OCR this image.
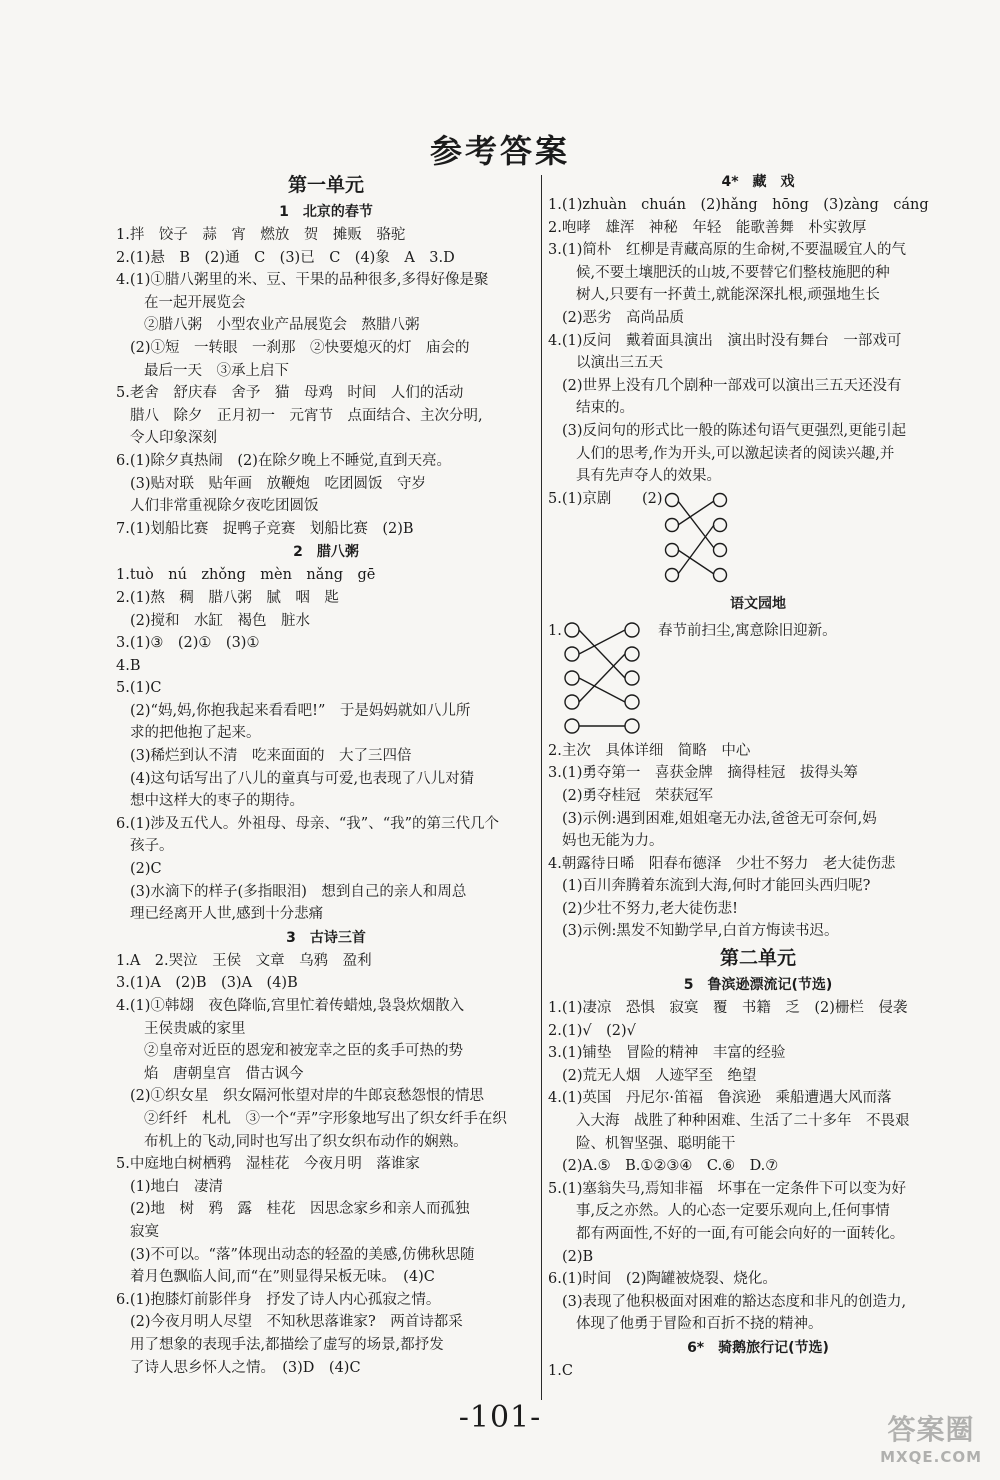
参考答案
第一单元
1　北京的春节

1.拌　饺子　蒜　宵　燃放　贺　摊贩　骆驼

2.(1)悬　B　(2)通　C　(3)已　C　(4)象　A　3.D

4.(1)①腊八粥里的米、豆、干果的品种很多,多得好像是聚

在一起开展览会

②腊八粥　小型农业产品展览会　熬腊八粥

(2)①短　一转眼　一刹那　②快要熄灭的灯　庙会的

最后一天　③承上启下

5.老舍　舒庆春　舍予　猫　母鸡　时间　人们的活动

腊八　除夕　正月初一　元宵节　点面结合、主次分明,

令人印象深刻

6.(1)除夕真热闹　(2)在除夕晚上不睡觉,直到天亮。

(3)贴对联　贴年画　放鞭炮　吃团圆饭　守岁

人们非常重视除夕夜吃团圆饭

7.(1)划船比赛　捉鸭子竞赛　划船比赛　(2)B

2　腊八粥

1.tuò　nú　zhǒng　mèn　nǎng　gē

2.(1)熬　稠　腊八粥　腻　咽　匙

(2)搅和　水缸　褐色　脏水

3.(1)③　(2)①　(3)①

4.B

5.(1)C

(2)“妈,妈,你抱我起来看看吧!”　于是妈妈就如八儿所

求的把他抱了起来。

(3)稀烂到认不清　吃来面面的　大了三四倍

(4)这句话写出了八儿的童真与可爱,也表现了八儿对猜

想中这样大的枣子的期待。

6.(1)涉及五代人。外祖母、母亲、“我”、“我”的第三代几个

孩子。

(2)C

(3)水滴下的样子(多指眼泪)　想到自己的亲人和周总

理已经离开人世,感到十分悲痛

3　古诗三首

1.A　2.哭泣　王侯　文章　乌鸦　盈利

3.(1)A　(2)B　(3)A　(4)B

4.(1)①韩翃　夜色降临,宫里忙着传蜡烛,袅袅炊烟散入

王侯贵戚的家里

②皇帝对近臣的恩宠和被宠幸之臣的炙手可热的势

焰　唐朝皇宫　借古讽今

(2)①织女星　织女隔河怅望对岸的牛郎哀愁怨恨的情思

②纤纤　札札　③一个“弄”字形象地写出了织女纤手在织

布机上的飞动,同时也写出了织女织布动作的娴熟。

5.中庭地白树栖鸦　湿桂花　今夜月明　落谁家

(1)地白　凄清

(2)地　树　鸦　露　桂花　因思念家乡和亲人而孤独

寂寞

(3)不可以。“落”体现出动态的轻盈的美感,仿佛秋思随

着月色飘临人间,而“在”则显得呆板无味。　(4)C

6.(1)抱膝灯前影伴身　抒发了诗人内心孤寂之情。

(2)今夜月明人尽望　不知秋思落谁家?　两首诗都采

用了想象的表现手法,都描绘了虚写的场景,都抒发

了诗人思乡怀人之情。　(3)D　(4)C

4*　藏　戏

1.(1)zhuàn　chuán　(2)hǎng　hōng　(3)zàng　cáng

2.咆哮　雄浑　神秘　年轻　能歌善舞　朴实敦厚

3.(1)简朴　红柳是青藏高原的生命树,不要温暖宜人的气

候,不要土壤肥沃的山坡,不要替它们整枝施肥的种

树人,只要有一抔黄土,就能深深扎根,顽强地生长

(2)恶劣　高尚品质

4.(1)反问　戴着面具演出　演出时没有舞台　一部戏可

以演出三五天

(2)世界上没有几个剧种一部戏可以演出三五天还没有

结束的。

(3)反问句的形式比一般的陈述句语气更强烈,更能引起

人们的思考,作为开头,可以激起读者的阅读兴趣,并

具有先声夺人的效果。

5.(1)京剧 (2)
语文园地
1.	春节前扫尘,寓意除旧迎新。

2.主次　具体详细　简略　中心

3.(1)勇夺第一　喜获金牌　摘得桂冠　拔得头筹

(2)勇夺桂冠　荣获冠军

(3)示例:遇到困难,姐姐毫无办法,爸爸无可奈何,妈

妈也无能为力。

4.朝露待日晞　阳春布德泽　少壮不努力　老大徒伤悲

(1)百川奔腾着东流到大海,何时才能回头西归呢?

(2)少壮不努力,老大徒伤悲!

(3)示例:黑发不知勤学早,白首方悔读书迟。

第二单元
5　鲁滨逊漂流记(节选)

1.(1)凄凉　恐惧　寂寞　覆　书籍　乏　(2)栅栏　侵袭

2.(1)√　(2)√

3.(1)铺垫　冒险的精神　丰富的经验

(2)荒无人烟　人迹罕至　绝望

4.(1)英国　丹尼尔·笛福　鲁滨逊　乘船遭遇大风而落

入大海　战胜了种种困难、生活了二十多年　不畏艰

险、机智坚强、聪明能干

(2)A.⑤　B.①②③④　C.⑥　D.⑦

5.(1)塞翁失马,焉知非福　坏事在一定条件下可以变为好

事,反之亦然。人的心态一定要乐观向上,任何事情

都有两面性,不好的一面,有可能会向好的一面转化。

(2)B

6.(1)时间　(2)陶罐被烧裂、烧化。

(3)表现了他积极面对困难的豁达态度和非凡的创造力,

体现了他勇于冒险和百折不挠的精神。

6*　骑鹅旅行记(节选)

1.C

-101-	答案圈
MXQE.COM
